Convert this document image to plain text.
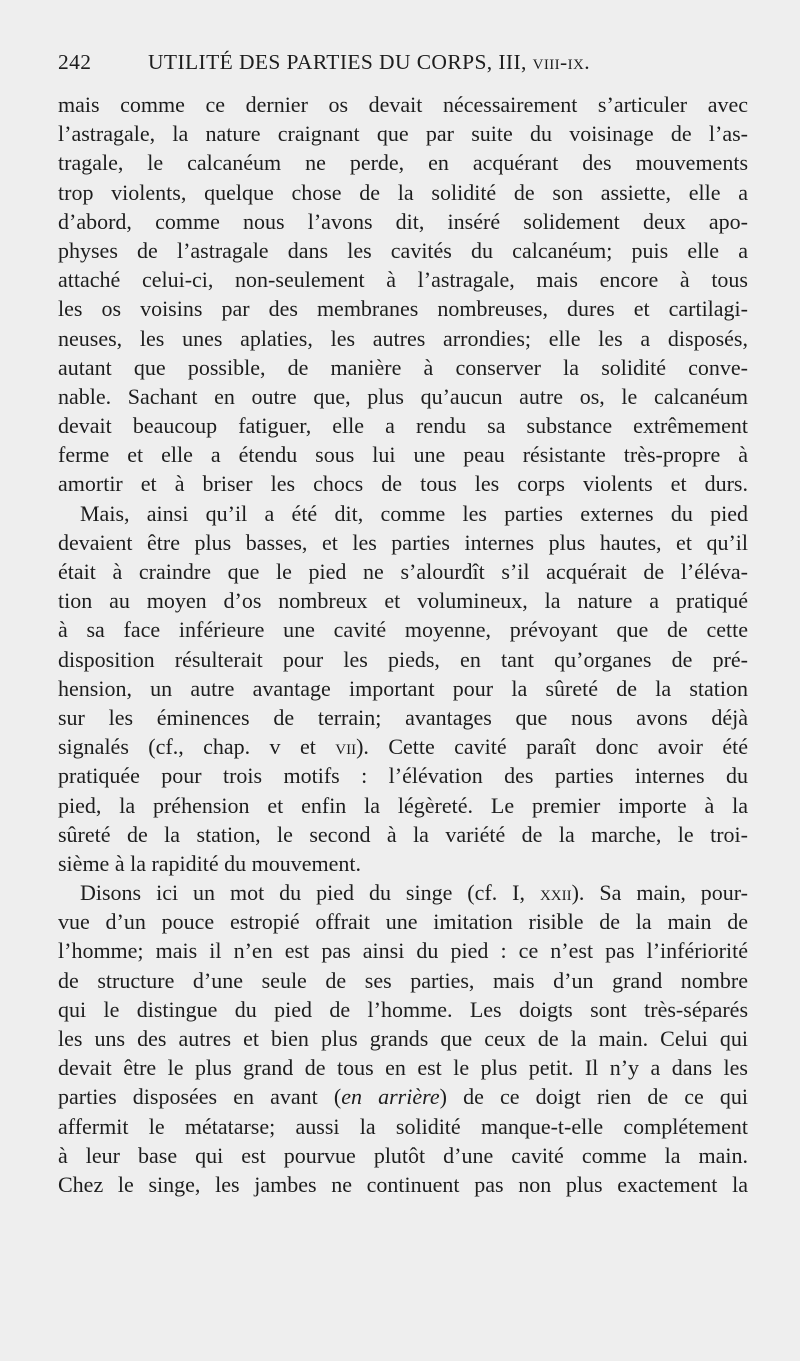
242	UTILITÉ DES PARTIES DU CORPS, III, viii-ix.
mais comme ce dernier os devait nécessairement s’articuler avec
l’astragale, la nature craignant que par suite du voisinage de l’as-
tragale, le calcanéum ne perde, en acquérant des mouvements
trop violents, quelque chose de la solidité de son assiette, elle a
d’abord, comme nous l’avons dit, inséré solidement deux apo-
physes de l’astragale dans les cavités du calcanéum; puis elle a
attaché celui-ci, non-seulement à l’astragale, mais encore à tous
les os voisins par des membranes nombreuses, dures et cartilagi-
neuses, les unes aplaties, les autres arrondies; elle les a disposés,
autant que possible, de manière à conserver la solidité conve-
nable. Sachant en outre que, plus qu’aucun autre os, le calcanéum
devait beaucoup fatiguer, elle a rendu sa substance extrêmement
ferme et elle a étendu sous lui une peau résistante très-propre à
amortir et à briser les chocs de tous les corps violents et durs.
Mais, ainsi qu’il a été dit, comme les parties externes du pied
devaient être plus basses, et les parties internes plus hautes, et qu’il
était à craindre que le pied ne s’alourdît s’il acquérait de l’éléva-
tion au moyen d’os nombreux et volumineux, la nature a pratiqué
à sa face inférieure une cavité moyenne, prévoyant que de cette
disposition résulterait pour les pieds, en tant qu’organes de pré-
hension, un autre avantage important pour la sûreté de la station
sur les éminences de terrain; avantages que nous avons déjà
signalés (cf., chap. v et vii). Cette cavité paraît donc avoir été
pratiquée pour trois motifs : l’élévation des parties internes du
pied, la préhension et enfin la légèreté. Le premier importe à la
sûreté de la station, le second à la variété de la marche, le troi-
sième à la rapidité du mouvement.
Disons ici un mot du pied du singe (cf. I, xxii). Sa main, pour-
vue d’un pouce estropié offrait une imitation risible de la main de
l’homme; mais il n’en est pas ainsi du pied : ce n’est pas l’infériorité
de structure d’une seule de ses parties, mais d’un grand nombre
qui le distingue du pied de l’homme. Les doigts sont très-séparés
les uns des autres et bien plus grands que ceux de la main. Celui qui
devait être le plus grand de tous en est le plus petit. Il n’y a dans les
parties disposées en avant (en arrière) de ce doigt rien de ce qui
affermit le métatarse; aussi la solidité manque-t-elle complétement
à leur base qui est pourvue plutôt d’une cavité comme la main.
Chez le singe, les jambes ne continuent pas non plus exactement la
